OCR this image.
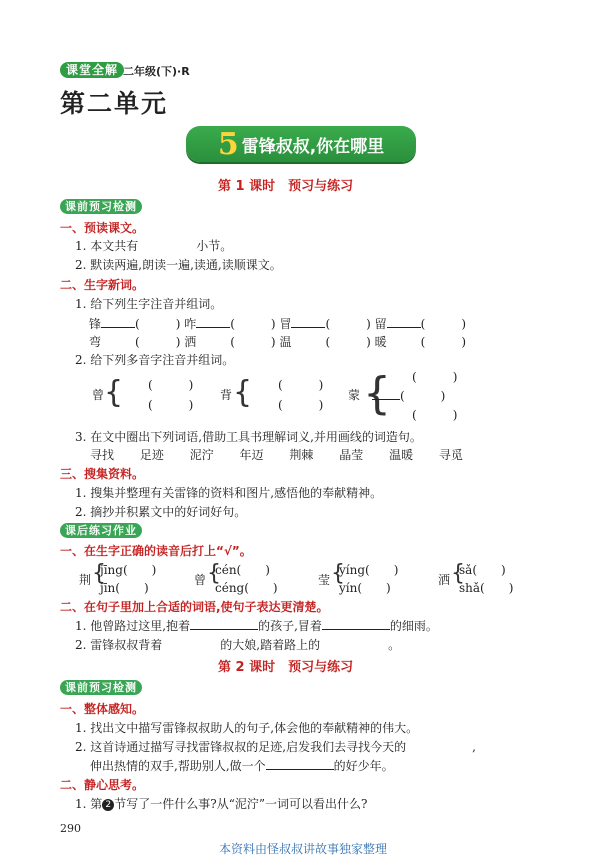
课堂全解 二年级(下)·R
第二单元
5 雷锋叔叔,你在哪里
第 1 课时　预习与练习
课前预习检测
一、预读课文。
1. 本文共有	小节。
2. 默读两遍,朗读一遍,读通,读顺课文。
二、生字新词。
1. 给下列生字注音并组词。
锋	(　　　) 咋	(　　　) 冒	(　　　) 留	(　　　)
弯	(　　　) 洒	(　　　) 温	(　　　) 暖	(　　　)
2. 给下列多音字注音并组词。
曾 { (　　　)
(　　　)
背 { (　　　)
(　　　)
蒙 {
　　	(　　　)
(　　　)
　　(　　　)
3. 在文中圈出下列词语,借助工具书理解词义,并用画线的词造句。
寻找　 足迹　 泥泞　 年迈　 荆棘　 晶莹　 温暖　 寻觅
三、搜集资料。
1. 搜集并整理有关雷锋的资料和图片,感悟他的奉献精神。
2. 摘抄并积累文中的好词好句。
课后练习作业
一、在生字正确的读音后打上“√”。
荆 {
jīng(　　)
jīn(　　)
曾 {
cén(　　)
céng(　　)
莹 {
yíng(　　)
yín(　　)
洒 {
sǎ(　　)
shǎ(　　)
二、在句子里加上合适的词语,使句子表达更清楚。
1. 他曾路过这里,抱着	的孩子,冒着	的细雨。
2. 雷锋叔叔背着	的大娘,踏着路上的	。
第 2 课时　预习与练习
课前预习检测
一、整体感知。
1. 找出文中描写雷锋叔叔助人的句子,体会他的奉献精神的伟大。
2. 这首诗通过描写寻找雷锋叔叔的足迹,启发我们去寻找今天的	,
伸出热情的双手,帮助别人,做一个	的好少年。
二、静心思考。
1. 第 2 节写了一件什么事?从“泥泞”一词可以看出什么?
290
本资料由怪叔叔讲故事独家整理
